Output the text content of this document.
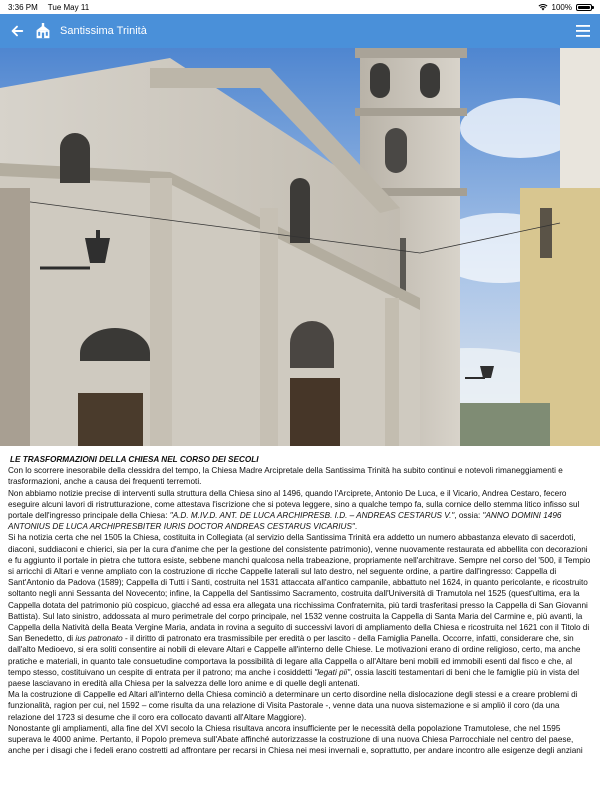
3:36 PM Tue May 11	100%
Santissima Trinità
LE TRASFORMAZIONI DELLA CHIESA NEL CORSO DEI SECOLI

Con lo scorrere inesorabile della clessidra del tempo, la Chiesa Madre Arcipretale della Santissima Trinità ha subito continui e notevoli rimaneggiamenti e trasformazioni, anche a causa dei frequenti terremoti.

Non abbiamo notizie precise di interventi sulla struttura della Chiesa sino al 1496, quando l'Arciprete, Antonio De Luca, e il Vicario, Andrea Cestaro, fecero eseguire alcuni lavori di ristrutturazione, come attestava l'iscrizione che si poteva leggere, sino a qualche tempo fa, sulla cornice dello stemma litico infisso sul portale dell'ingresso principale della Chiesa: "A.D. M.IV.D. ANT. DE LUCA ARCHIPRESB. I.D. – ANDREAS CESTARUS V.", ossia: "ANNO DOMINI 1496 ANTONIUS DE LUCA ARCHIPRESBITER IURIS DOCTOR ANDREAS CESTARUS VICARIUS".

Si ha notizia certa che nel 1505 la Chiesa, costituita in Collegiata (al servizio della Santissima Trinità era addetto un numero abbastanza elevato di sacerdoti, diaconi, suddiaconi e chierici, sia per la cura d'anime che per la gestione del consistente patrimonio), venne nuovamente restaurata ed abbellita con decorazioni e fu aggiunto il portale in pietra che tuttora esiste, sebbene manchi qualcosa nella trabeazione, propriamente nell'architrave. Sempre nel corso del '500, il Tempio si arricchì di Altari e venne ampliato con la costruzione di ricche Cappelle laterali sul lato destro, nel seguente ordine, a partire dall'ingresso: Cappella di Sant'Antonio da Padova (1589); Cappella di Tutti i Santi, costruita nel 1531 attaccata all'antico campanile, abbattuto nel 1624, in quanto pericolante, e ricostruito soltanto negli anni Sessanta del Novecento; infine, la Cappella del Santissimo Sacramento, costruita dall'Università di Tramutola nel 1525 (quest'ultima, era la Cappella dotata del patrimonio più cospicuo, giacché ad essa era allegata una ricchissima Confraternita, più tardi trasferitasi presso la Cappella di San Giovanni Battista). Sul lato sinistro, addossata al muro perimetrale del corpo principale, nel 1532 venne costruita la Cappella di Santa Maria del Carmine e, più avanti, la Cappella della Natività della Beata Vergine Maria, andata in rovina a seguito di successivi lavori di ampliamento della Chiesa e ricostruita nel 1621 con il Titolo di San Benedetto, di ius patronato - il diritto di patronato era trasmissibile per eredità o per lascito - della Famiglia Panella. Occorre, infatti, considerare che, sin dall'alto Medioevo, si era soliti consentire ai nobili di elevare Altari e Cappelle all'interno delle Chiese. Le motivazioni erano di ordine religioso, certo, ma anche pratiche e materiali, in quanto tale consuetudine comportava la possibilità di legare alla Cappella o all'Altare beni mobili ed immobili esenti dal fisco e che, al tempo stesso, costituivano un cespite di entrata per il patrono; ma anche i cosiddetti "legati pii", ossia lasciti testamentari di beni che le famiglie più in vista del paese lasciavano in eredità alla Chiesa per la salvezza delle loro anime e di quelle degli antenati.

Ma la costruzione di Cappelle ed Altari all'interno della Chiesa cominciò a determinare un certo disordine nella dislocazione degli stessi e a creare problemi di funzionalità, ragion per cui, nel 1592 – come risulta da una relazione di Visita Pastorale -, venne data una nuova sistemazione e si ampliò il coro (da una relazione del 1723 si desume che il coro era collocato davanti all'Altare Maggiore).

Nonostante gli ampliamenti, alla fine del XVI secolo la Chiesa risultava ancora insufficiente per le necessità della popolazione Tramutolese, che nel 1595 superava le 4000 anime. Pertanto, il Popolo premeva sull'Abate affinché autorizzasse la costruzione di una nuova Chiesa Parrocchiale nel centro del paese, anche per i disagi che i fedeli erano costretti ad affrontare per recarsi in Chiesa nei mesi invernali e, soprattutto, per andare incontro alle esigenze degli anziani
